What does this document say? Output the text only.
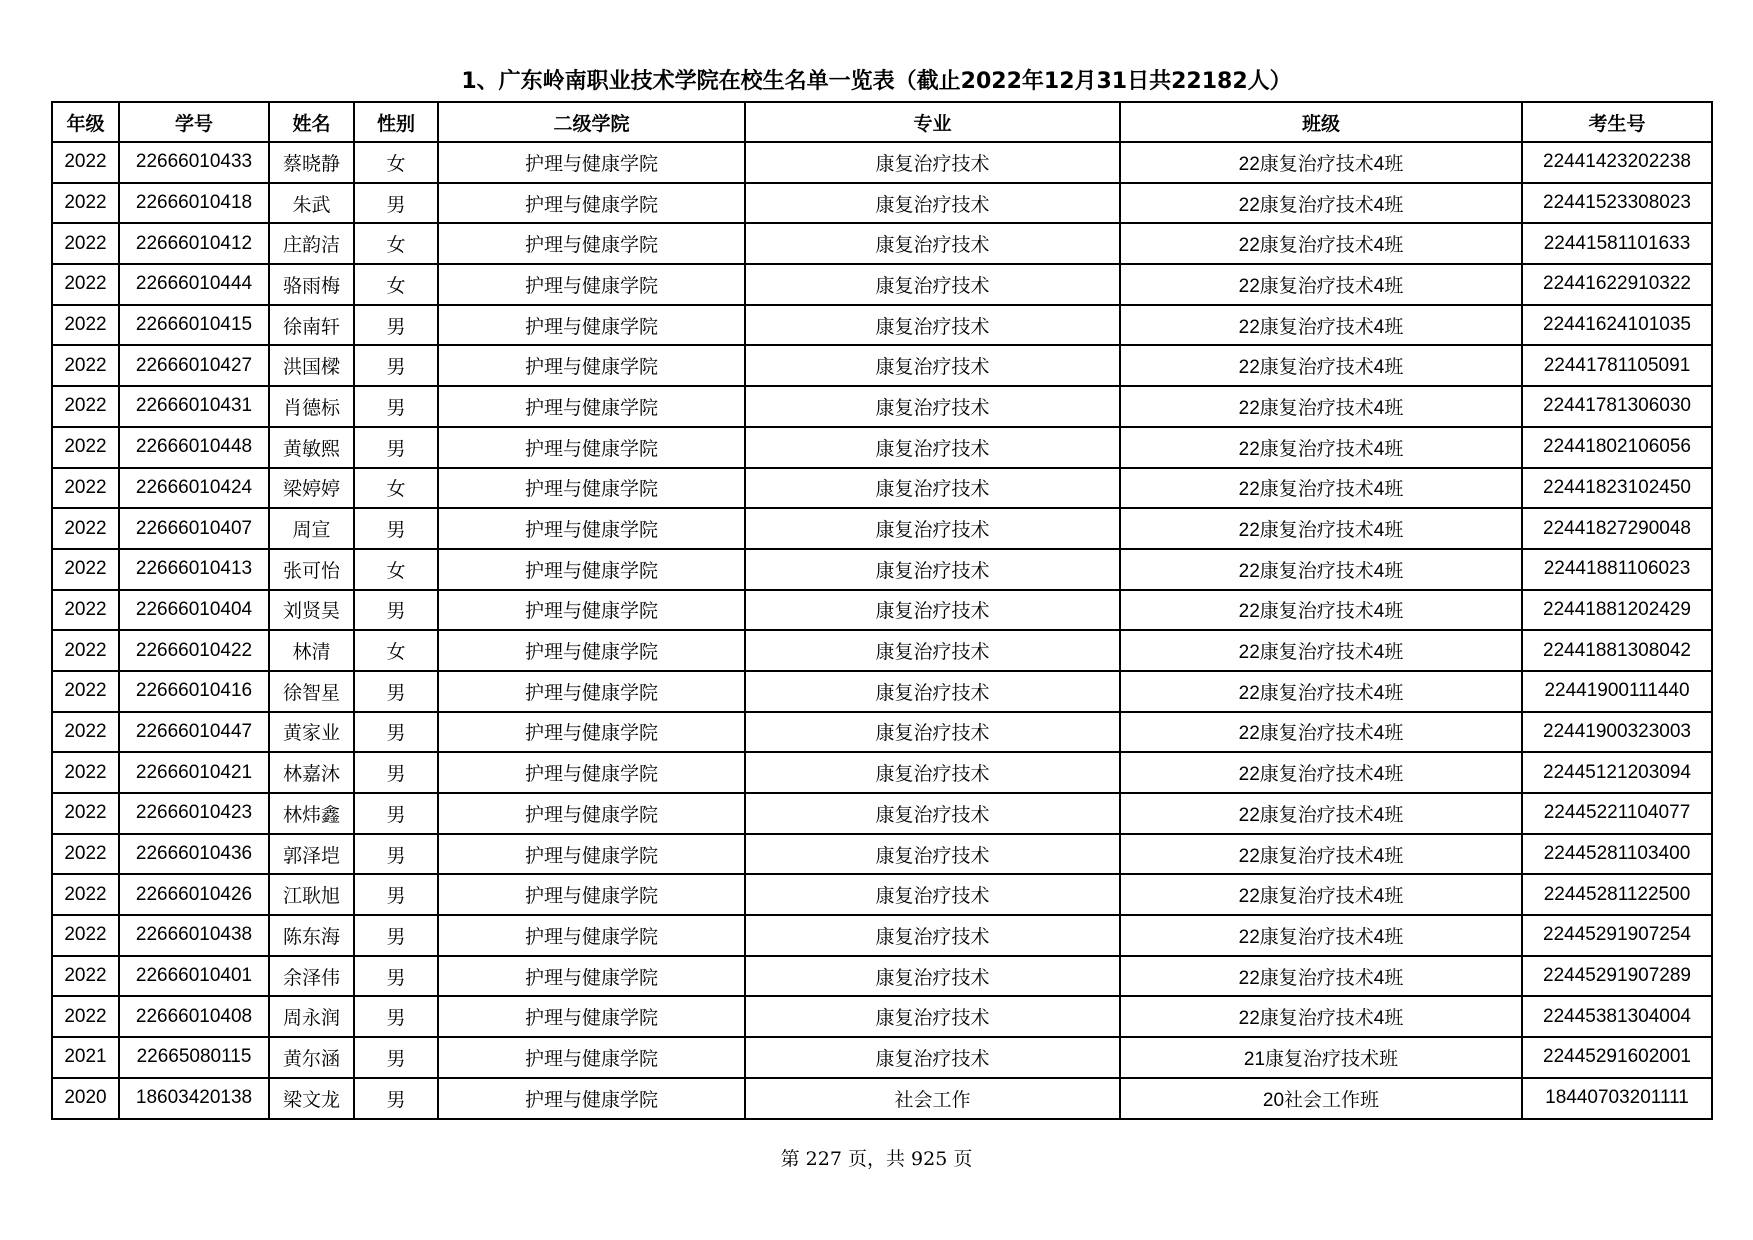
1、广东岭南职业技术学院在校生名单一览表（截止2022年12月31日共22182人）
年级	学号	姓名	性别	二级学院	专业	班级	考生号
2022	22666010433	蔡晓静	女	护理与健康学院	康复治疗技术	22康复治疗技术4班	22441423202238
2022	22666010418	朱武	男	护理与健康学院	康复治疗技术	22康复治疗技术4班	22441523308023
2022	22666010412	庄韵洁	女	护理与健康学院	康复治疗技术	22康复治疗技术4班	22441581101633
2022	22666010444	骆雨梅	女	护理与健康学院	康复治疗技术	22康复治疗技术4班	22441622910322
2022	22666010415	徐南轩	男	护理与健康学院	康复治疗技术	22康复治疗技术4班	22441624101035
2022	22666010427	洪国樑	男	护理与健康学院	康复治疗技术	22康复治疗技术4班	22441781105091
2022	22666010431	肖德标	男	护理与健康学院	康复治疗技术	22康复治疗技术4班	22441781306030
2022	22666010448	黄敏熙	男	护理与健康学院	康复治疗技术	22康复治疗技术4班	22441802106056
2022	22666010424	梁婷婷	女	护理与健康学院	康复治疗技术	22康复治疗技术4班	22441823102450
2022	22666010407	周宣	男	护理与健康学院	康复治疗技术	22康复治疗技术4班	22441827290048
2022	22666010413	张可怡	女	护理与健康学院	康复治疗技术	22康复治疗技术4班	22441881106023
2022	22666010404	刘贤昊	男	护理与健康学院	康复治疗技术	22康复治疗技术4班	22441881202429
2022	22666010422	林清	女	护理与健康学院	康复治疗技术	22康复治疗技术4班	22441881308042
2022	22666010416	徐智星	男	护理与健康学院	康复治疗技术	22康复治疗技术4班	22441900111440
2022	22666010447	黄家业	男	护理与健康学院	康复治疗技术	22康复治疗技术4班	22441900323003
2022	22666010421	林嘉沐	男	护理与健康学院	康复治疗技术	22康复治疗技术4班	22445121203094
2022	22666010423	林炜鑫	男	护理与健康学院	康复治疗技术	22康复治疗技术4班	22445221104077
2022	22666010436	郭泽垲	男	护理与健康学院	康复治疗技术	22康复治疗技术4班	22445281103400
2022	22666010426	江耿旭	男	护理与健康学院	康复治疗技术	22康复治疗技术4班	22445281122500
2022	22666010438	陈东海	男	护理与健康学院	康复治疗技术	22康复治疗技术4班	22445291907254
2022	22666010401	余泽伟	男	护理与健康学院	康复治疗技术	22康复治疗技术4班	22445291907289
2022	22666010408	周永润	男	护理与健康学院	康复治疗技术	22康复治疗技术4班	22445381304004
2021	22665080115	黄尔涵	男	护理与健康学院	康复治疗技术	21康复治疗技术班	22445291602001
2020	18603420138	梁文龙	男	护理与健康学院	社会工作	20社会工作班	18440703201111
第 227 页，共 925 页
